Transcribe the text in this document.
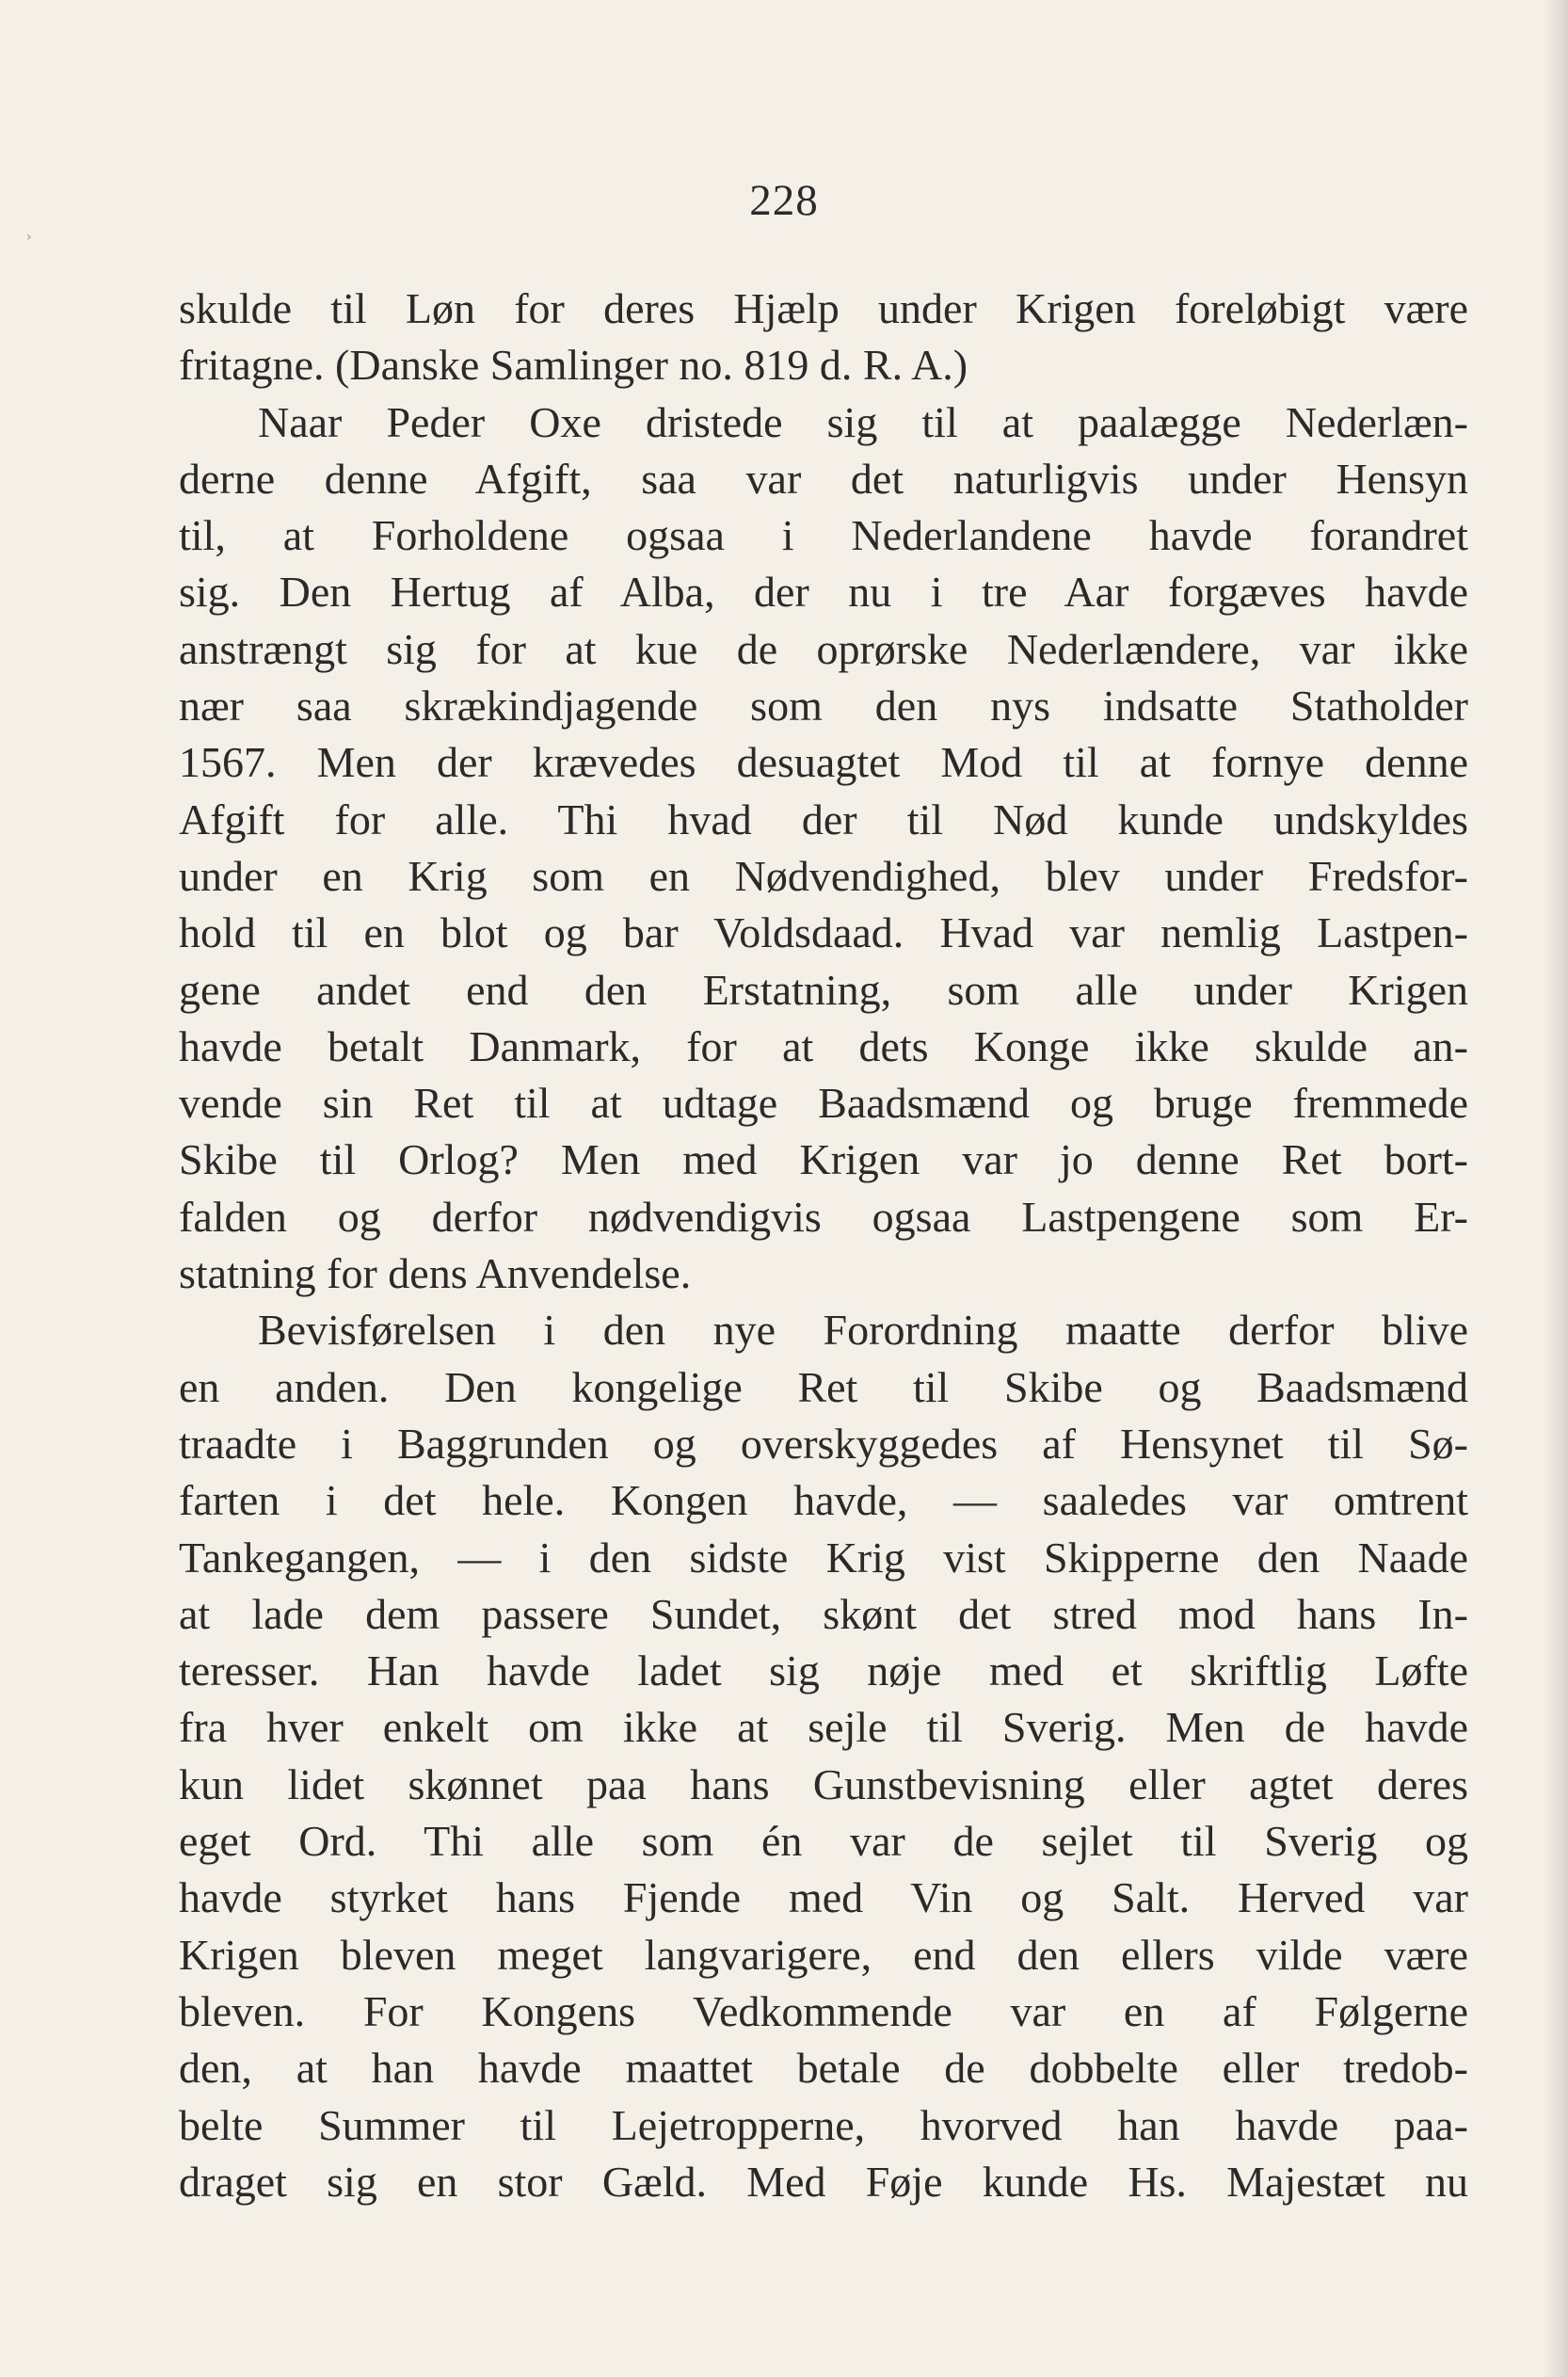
›
228
skulde til Løn for deres Hjælp under Krigen foreløbigt være
fritagne. (Danske Samlinger no. 819 d. R. A.)
Naar Peder Oxe dristede sig til at paalægge Nederlæn-
derne denne Afgift, saa var det naturligvis under Hensyn
til, at Forholdene ogsaa i Nederlandene havde forandret
sig. Den Hertug af Alba, der nu i tre Aar forgæves havde
anstrængt sig for at kue de oprørske Nederlændere, var ikke
nær saa skrækindjagende som den nys indsatte Statholder
1567. Men der krævedes desuagtet Mod til at fornye denne
Afgift for alle. Thi hvad der til Nød kunde undskyldes
under en Krig som en Nødvendighed, blev under Fredsfor-
hold til en blot og bar Voldsdaad. Hvad var nemlig Lastpen-
gene andet end den Erstatning, som alle under Krigen
havde betalt Danmark, for at dets Konge ikke skulde an-
vende sin Ret til at udtage Baadsmænd og bruge fremmede
Skibe til Orlog? Men med Krigen var jo denne Ret bort-
falden og derfor nødvendigvis ogsaa Lastpengene som Er-
statning for dens Anvendelse.
Bevisførelsen i den nye Forordning maatte derfor blive
en anden. Den kongelige Ret til Skibe og Baadsmænd
traadte i Baggrunden og overskyggedes af Hensynet til Sø-
farten i det hele. Kongen havde, — saaledes var omtrent
Tankegangen, — i den sidste Krig vist Skipperne den Naade
at lade dem passere Sundet, skønt det stred mod hans In-
teresser. Han havde ladet sig nøje med et skriftlig Løfte
fra hver enkelt om ikke at sejle til Sverig. Men de havde
kun lidet skønnet paa hans Gunstbevisning eller agtet deres
eget Ord. Thi alle som én var de sejlet til Sverig og
havde styrket hans Fjende med Vin og Salt. Herved var
Krigen bleven meget langvarigere, end den ellers vilde være
bleven. For Kongens Vedkommende var en af Følgerne
den, at han havde maattet betale de dobbelte eller tredob-
belte Summer til Lejetropperne, hvorved han havde paa-
draget sig en stor Gæld. Med Føje kunde Hs. Majestæt nu
